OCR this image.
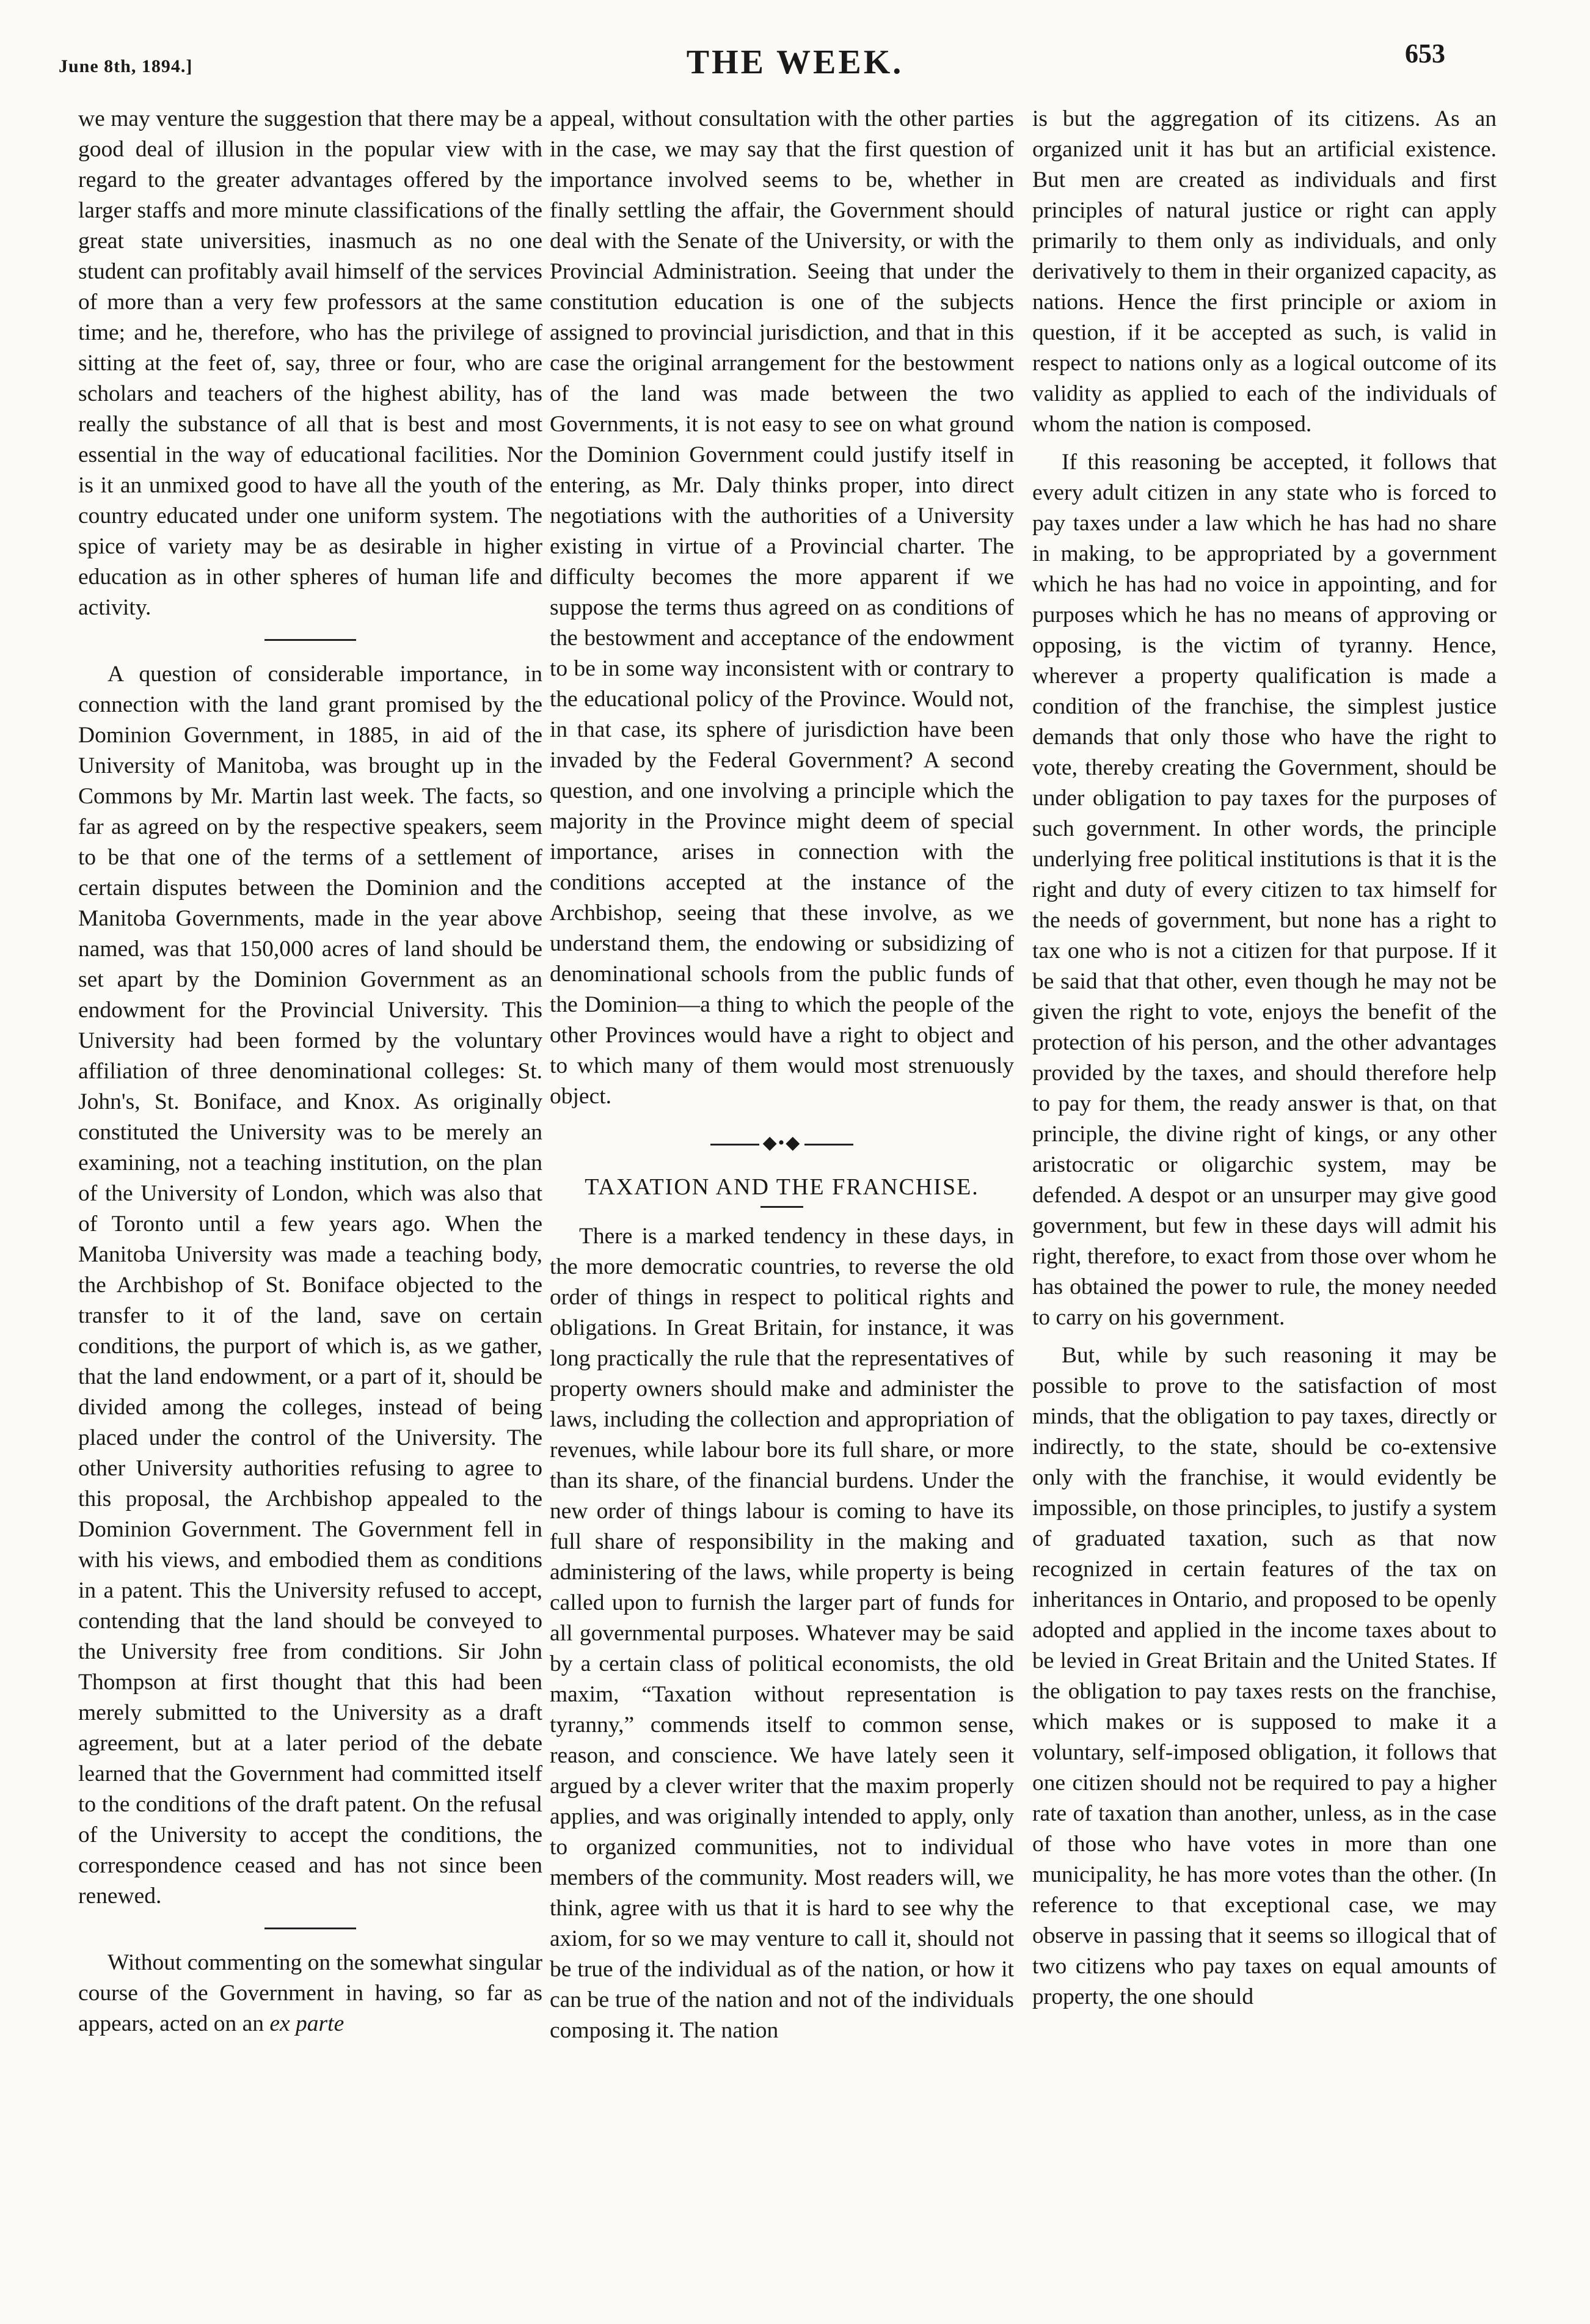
June 8th, 1894.]	THE WEEK.	653

we may venture the suggestion that there may be a good deal of illusion in the popular view with regard to the greater advantages offered by the larger staffs and more minute classifications of the great state universities, inasmuch as no one student can profitably avail himself of the services of more than a very few professors at the same time; and he, therefore, who has the privilege of sitting at the feet of, say, three or four, who are scholars and teachers of the highest ability, has really the substance of all that is best and most essential in the way of educational facilities. Nor is it an unmixed good to have all the youth of the country educated under one uniform system. The spice of variety may be as desirable in higher education as in other spheres of human life and activity.

A question of considerable importance, in connection with the land grant promised by the Dominion Government, in 1885, in aid of the University of Manitoba, was brought up in the Commons by Mr. Martin last week. The facts, so far as agreed on by the respective speakers, seem to be that one of the terms of a settlement of certain disputes between the Dominion and the Manitoba Governments, made in the year above named, was that 150,000 acres of land should be set apart by the Dominion Government as an endowment for the Provincial University. This University had been formed by the voluntary affiliation of three denominational colleges: St. John's, St. Boniface, and Knox. As originally constituted the University was to be merely an examining, not a teaching institution, on the plan of the University of London, which was also that of Toronto until a few years ago. When the Manitoba University was made a teaching body, the Archbishop of St. Boniface objected to the transfer to it of the land, save on certain conditions, the purport of which is, as we gather, that the land endowment, or a part of it, should be divided among the colleges, instead of being placed under the control of the University. The other University authorities refusing to agree to this proposal, the Archbishop appealed to the Dominion Government. The Government fell in with his views, and embodied them as conditions in a patent. This the University refused to accept, contending that the land should be conveyed to the University free from conditions. Sir John Thompson at first thought that this had been merely submitted to the University as a draft agreement, but at a later period of the debate learned that the Government had committed itself to the conditions of the draft patent. On the refusal of the University to accept the conditions, the correspondence ceased and has not since been renewed.

Without commenting on the somewhat singular course of the Government in having, so far as appears, acted on an ex parte

appeal, without consultation with the other parties in the case, we may say that the first question of importance involved seems to be, whether in finally settling the affair, the Government should deal with the Senate of the University, or with the Provincial Administration. Seeing that under the constitution education is one of the subjects assigned to provincial jurisdiction, and that in this case the original arrangement for the bestowment of the land was made between the two Governments, it is not easy to see on what ground the Dominion Government could justify itself in entering, as Mr. Daly thinks proper, into direct negotiations with the authorities of a University existing in virtue of a Provincial charter. The difficulty becomes the more apparent if we suppose the terms thus agreed on as conditions of the bestowment and acceptance of the endowment to be in some way inconsistent with or contrary to the educational policy of the Province. Would not, in that case, its sphere of jurisdiction have been invaded by the Federal Government? A second question, and one involving a principle which the majority in the Province might deem of special importance, arises in connection with the conditions accepted at the instance of the Archbishop, seeing that these involve, as we understand them, the endowing or subsidizing of denominational schools from the public funds of the Dominion—a thing to which the people of the other Provinces would have a right to object and to which many of them would most strenuously object.

◆•◆
TAXATION AND THE FRANCHISE.

There is a marked tendency in these days, in the more democratic countries, to reverse the old order of things in respect to political rights and obligations. In Great Britain, for instance, it was long practically the rule that the representatives of property owners should make and administer the laws, including the collection and appropriation of revenues, while labour bore its full share, or more than its share, of the financial burdens. Under the new order of things labour is coming to have its full share of responsibility in the making and administering of the laws, while property is being called upon to furnish the larger part of funds for all governmental purposes. Whatever may be said by a certain class of political economists, the old maxim, “Taxation without representation is tyranny,” commends itself to common sense, reason, and conscience. We have lately seen it argued by a clever writer that the maxim properly applies, and was originally intended to apply, only to organized communities, not to individual members of the community. Most readers will, we think, agree with us that it is hard to see why the axiom, for so we may venture to call it, should not be true of the individual as of the nation, or how it can be true of the nation and not of the individuals composing it. The nation

is but the aggregation of its citizens. As an organized unit it has but an artificial existence. But men are created as individuals and first principles of natural justice or right can apply primarily to them only as individuals, and only derivatively to them in their organized capacity, as nations. Hence the first principle or axiom in question, if it be accepted as such, is valid in respect to nations only as a logical outcome of its validity as applied to each of the individuals of whom the nation is composed.

If this reasoning be accepted, it follows that every adult citizen in any state who is forced to pay taxes under a law which he has had no share in making, to be appropriated by a government which he has had no voice in appointing, and for purposes which he has no means of approving or opposing, is the victim of tyranny. Hence, wherever a property qualification is made a condition of the franchise, the simplest justice demands that only those who have the right to vote, thereby creating the Government, should be under obligation to pay taxes for the purposes of such government. In other words, the principle underlying free political institutions is that it is the right and duty of every citizen to tax himself for the needs of government, but none has a right to tax one who is not a citizen for that purpose. If it be said that that other, even though he may not be given the right to vote, enjoys the benefit of the protection of his person, and the other advantages provided by the taxes, and should therefore help to pay for them, the ready answer is that, on that principle, the divine right of kings, or any other aristocratic or oligarchic system, may be defended. A despot or an unsurper may give good government, but few in these days will admit his right, therefore, to exact from those over whom he has obtained the power to rule, the money needed to carry on his government.

But, while by such reasoning it may be possible to prove to the satisfaction of most minds, that the obligation to pay taxes, directly or indirectly, to the state, should be co-extensive only with the franchise, it would evidently be impossible, on those principles, to justify a system of graduated taxation, such as that now recognized in certain features of the tax on inheritances in Ontario, and proposed to be openly adopted and applied in the income taxes about to be levied in Great Britain and the United States. If the obligation to pay taxes rests on the franchise, which makes or is supposed to make it a voluntary, self-imposed obligation, it follows that one citizen should not be required to pay a higher rate of taxation than another, unless, as in the case of those who have votes in more than one municipality, he has more votes than the other. (In reference to that exceptional case, we may observe in passing that it seems so illogical that of two citizens who pay taxes on equal amounts of property, the one should
